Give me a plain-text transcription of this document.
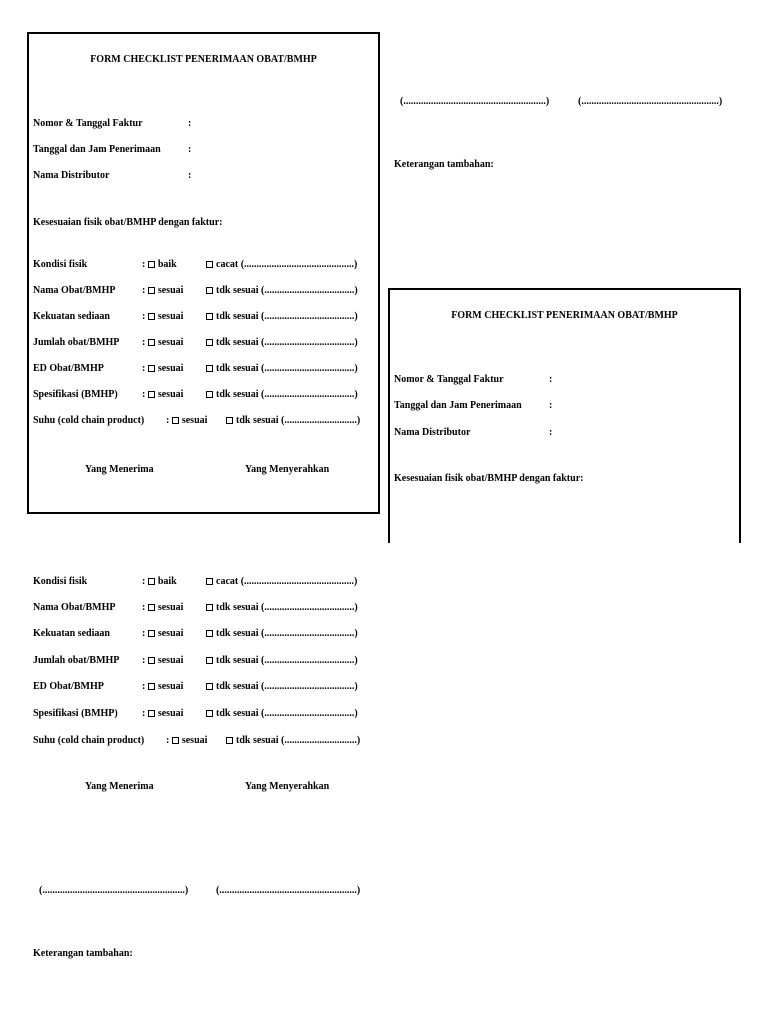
FORM CHECKLIST PENERIMAAN OBAT/BMHP
Nomor & Tanggal Faktur	:
Tanggal dan Jam Penerimaan	:
Nama Distributor	:
Kesesuaian fisik obat/BMHP dengan faktur:
Kondisi fisik	: baik	cacat (............................................)
Nama Obat/BMHP	: sesuai	tdk sesuai (....................................)
Kekuatan sediaan	: sesuai	tdk sesuai (....................................)
Jumlah obat/BMHP : sesuai	tdk sesuai (....................................)
ED Obat/BMHP	: sesuai	tdk sesuai (....................................)
Spesifikasi (BMHP) : sesuai	tdk sesuai (....................................)
Suhu (cold chain product) : sesuai	tdk sesuai (.............................)
Yang Menerima	Yang Menyerahkan
(.........................................................)	(.......................................................)
Keterangan tambahan:
FORM CHECKLIST PENERIMAAN OBAT/BMHP
Nomor & Tanggal Faktur	:
Tanggal dan Jam Penerimaan	:
Nama Distributor	:
Kesesuaian fisik obat/BMHP dengan faktur:
Kondisi fisik	: baik	cacat (............................................)
Nama Obat/BMHP	: sesuai	tdk sesuai (....................................)
Kekuatan sediaan	: sesuai	tdk sesuai (....................................)
Jumlah obat/BMHP : sesuai	tdk sesuai (....................................)
ED Obat/BMHP	: sesuai	tdk sesuai (....................................)
Spesifikasi (BMHP) : sesuai	tdk sesuai (....................................)
Suhu (cold chain product) : sesuai	tdk sesuai (.............................)
Yang Menerima	Yang Menyerahkan
(.........................................................)	(.......................................................)
Keterangan tambahan:
